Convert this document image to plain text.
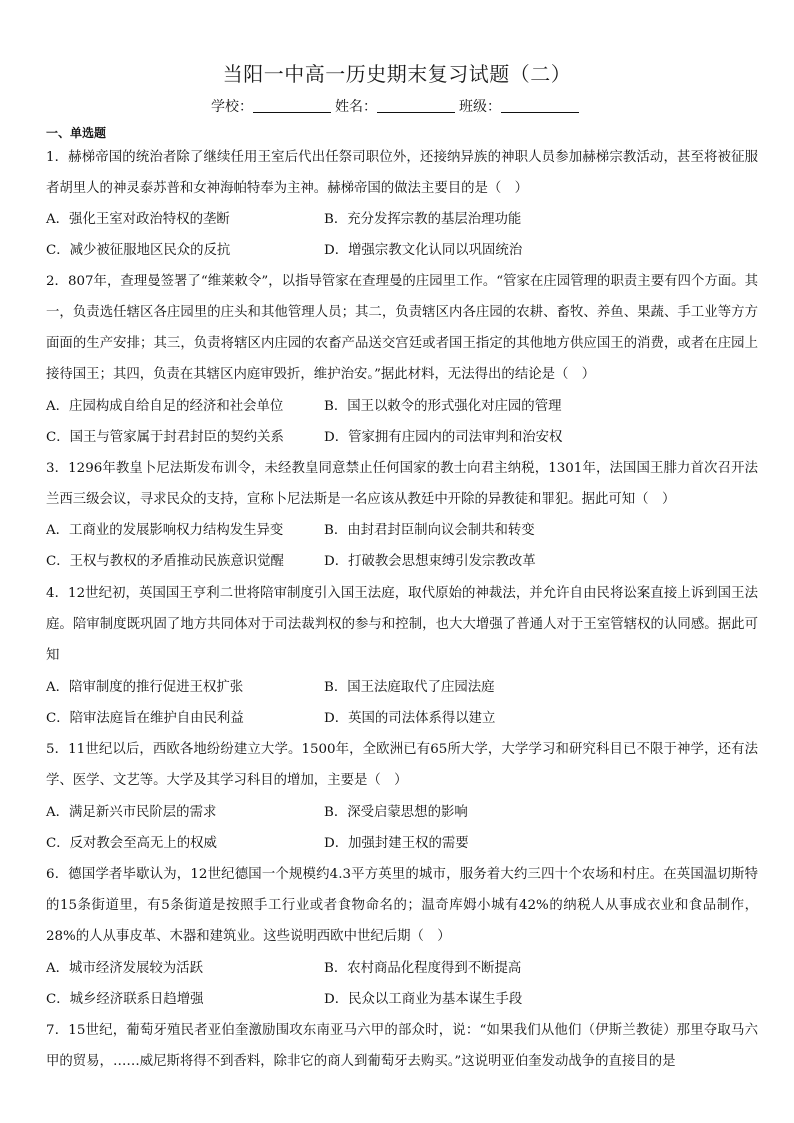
当阳一中高一历史期末复习试题（二）
学校：	姓名：	班级：
一、单选题
1．赫梯帝国的统治者除了继续任用王室后代出任祭司职位外，还接纳异族的神职人员参加赫梯宗教活动，甚至将被征服者胡里人的神灵泰苏普和女神海帕特奉为主神。赫梯帝国的做法主要目的是（　）
A．强化王室对政治特权的垄断	B．充分发挥宗教的基层治理功能
C．减少被征服地区民众的反抗	D．增强宗教文化认同以巩固统治
2．807年，查理曼签署了“维莱敕令”，以指导管家在查理曼的庄园里工作。“管家在庄园管理的职责主要有四个方面。其一，负责选任辖区各庄园里的庄头和其他管理人员；其二，负责辖区内各庄园的农耕、畜牧、养鱼、果蔬、手工业等方方面面的生产安排；其三，负责将辖区内庄园的农畜产品送交宫廷或者国王指定的其他地方供应国王的消费，或者在庄园上接待国王；其四，负责在其辖区内庭审毁折，维护治安。”据此材料，无法得出的结论是（　）
A．庄园构成自给自足的经济和社会单位	B．国王以敕令的形式强化对庄园的管理
C．国王与管家属于封君封臣的契约关系	D．管家拥有庄园内的司法审判和治安权
3．1296年教皇卜尼法斯发布训令，未经教皇同意禁止任何国家的教士向君主纳税，1301年，法国国王腓力首次召开法兰西三级会议，寻求民众的支持，宣称卜尼法斯是一名应该从教廷中开除的异教徒和罪犯。据此可知（　）
A．工商业的发展影响权力结构发生异变	B．由封君封臣制向议会制共和转变
C．王权与教权的矛盾推动民族意识觉醒	D．打破教会思想束缚引发宗教改革
4．12世纪初，英国国王亨利二世将陪审制度引入国王法庭，取代原始的神裁法，并允许自由民将讼案直接上诉到国王法庭。陪审制度既巩固了地方共同体对于司法裁判权的参与和控制，也大大增强了普通人对于王室管辖权的认同感。据此可知
A．陪审制度的推行促进王权扩张	B．国王法庭取代了庄园法庭
C．陪审法庭旨在维护自由民利益	D．英国的司法体系得以建立
5．11世纪以后，西欧各地纷纷建立大学。1500年，全欧洲已有65所大学，大学学习和研究科目已不限于神学，还有法学、医学、文艺等。大学及其学习科目的增加，主要是（　）
A．满足新兴市民阶层的需求	B．深受启蒙思想的影响
C．反对教会至高无上的权威	D．加强封建王权的需要
6．德国学者毕歇认为，12世纪德国一个规模约4.3平方英里的城市，服务着大约三四十个农场和村庄。在英国温切斯特的15条街道里，有5条街道是按照手工行业或者食物命名的；温奇库姆小城有42%的纳税人从事成衣业和食品制作，28%的人从事皮革、木器和建筑业。这些说明西欧中世纪后期（　）
A．城市经济发展较为活跃	B．农村商品化程度得到不断提高
C．城乡经济联系日趋增强	D．民众以工商业为基本谋生手段
7．15世纪，葡萄牙殖民者亚伯奎激励围攻东南亚马六甲的部众时，说：“如果我们从他们（伊斯兰教徒）那里夺取马六甲的贸易，……威尼斯将得不到香料，除非它的商人到葡萄牙去购买。”这说明亚伯奎发动战争的直接目的是
